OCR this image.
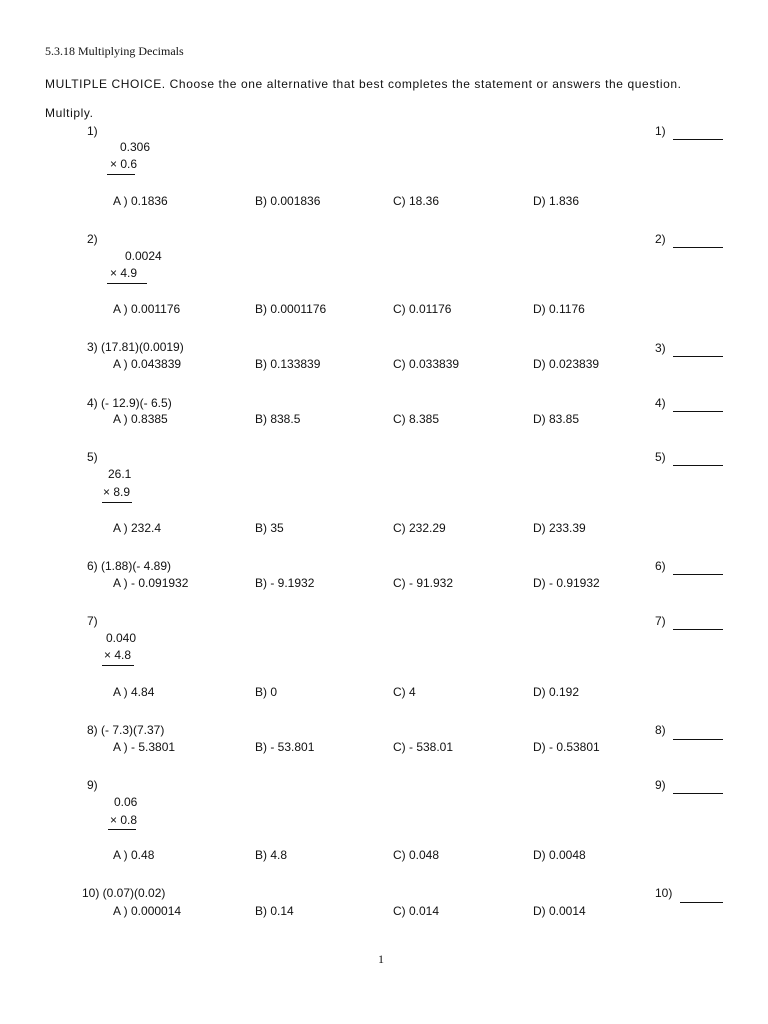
5.3.18 Multiplying Decimals
MULTIPLE CHOICE. Choose the one alternative that best completes the statement or answers the question.
Multiply.
1)
0.306
× 0.6
A ) 0.1836	B) 0.001836	C) 18.36	D) 1.836
1)
2)
0.0024
× 4.9
A ) 0.001176	B) 0.0001176	C) 0.01176	D) 0.1176
2)
3) (17.81)(0.0019)
A ) 0.043839	B) 0.133839	C) 0.033839	D) 0.023839
3)
4) (- 12.9)(- 6.5)
A ) 0.8385	B) 838.5	C) 8.385	D) 83.85
4)
5)
26.1
× 8.9
A ) 232.4	B) 35	C) 232.29	D) 233.39
5)
6) (1.88)(- 4.89)
A ) - 0.091932	B) - 9.1932	C) - 91.932	D) - 0.91932
6)
7)
0.040
× 4.8
A ) 4.84	B) 0	C) 4	D) 0.192
7)
8) (- 7.3)(7.37)
A ) - 5.3801	B) - 53.801	C) - 538.01	D) - 0.53801
8)
9)
0.06
× 0.8
A ) 0.48	B) 4.8	C) 0.048	D) 0.0048
9)
10) (0.07)(0.02)
A ) 0.000014	B) 0.14	C) 0.014	D) 0.0014
10)
1
